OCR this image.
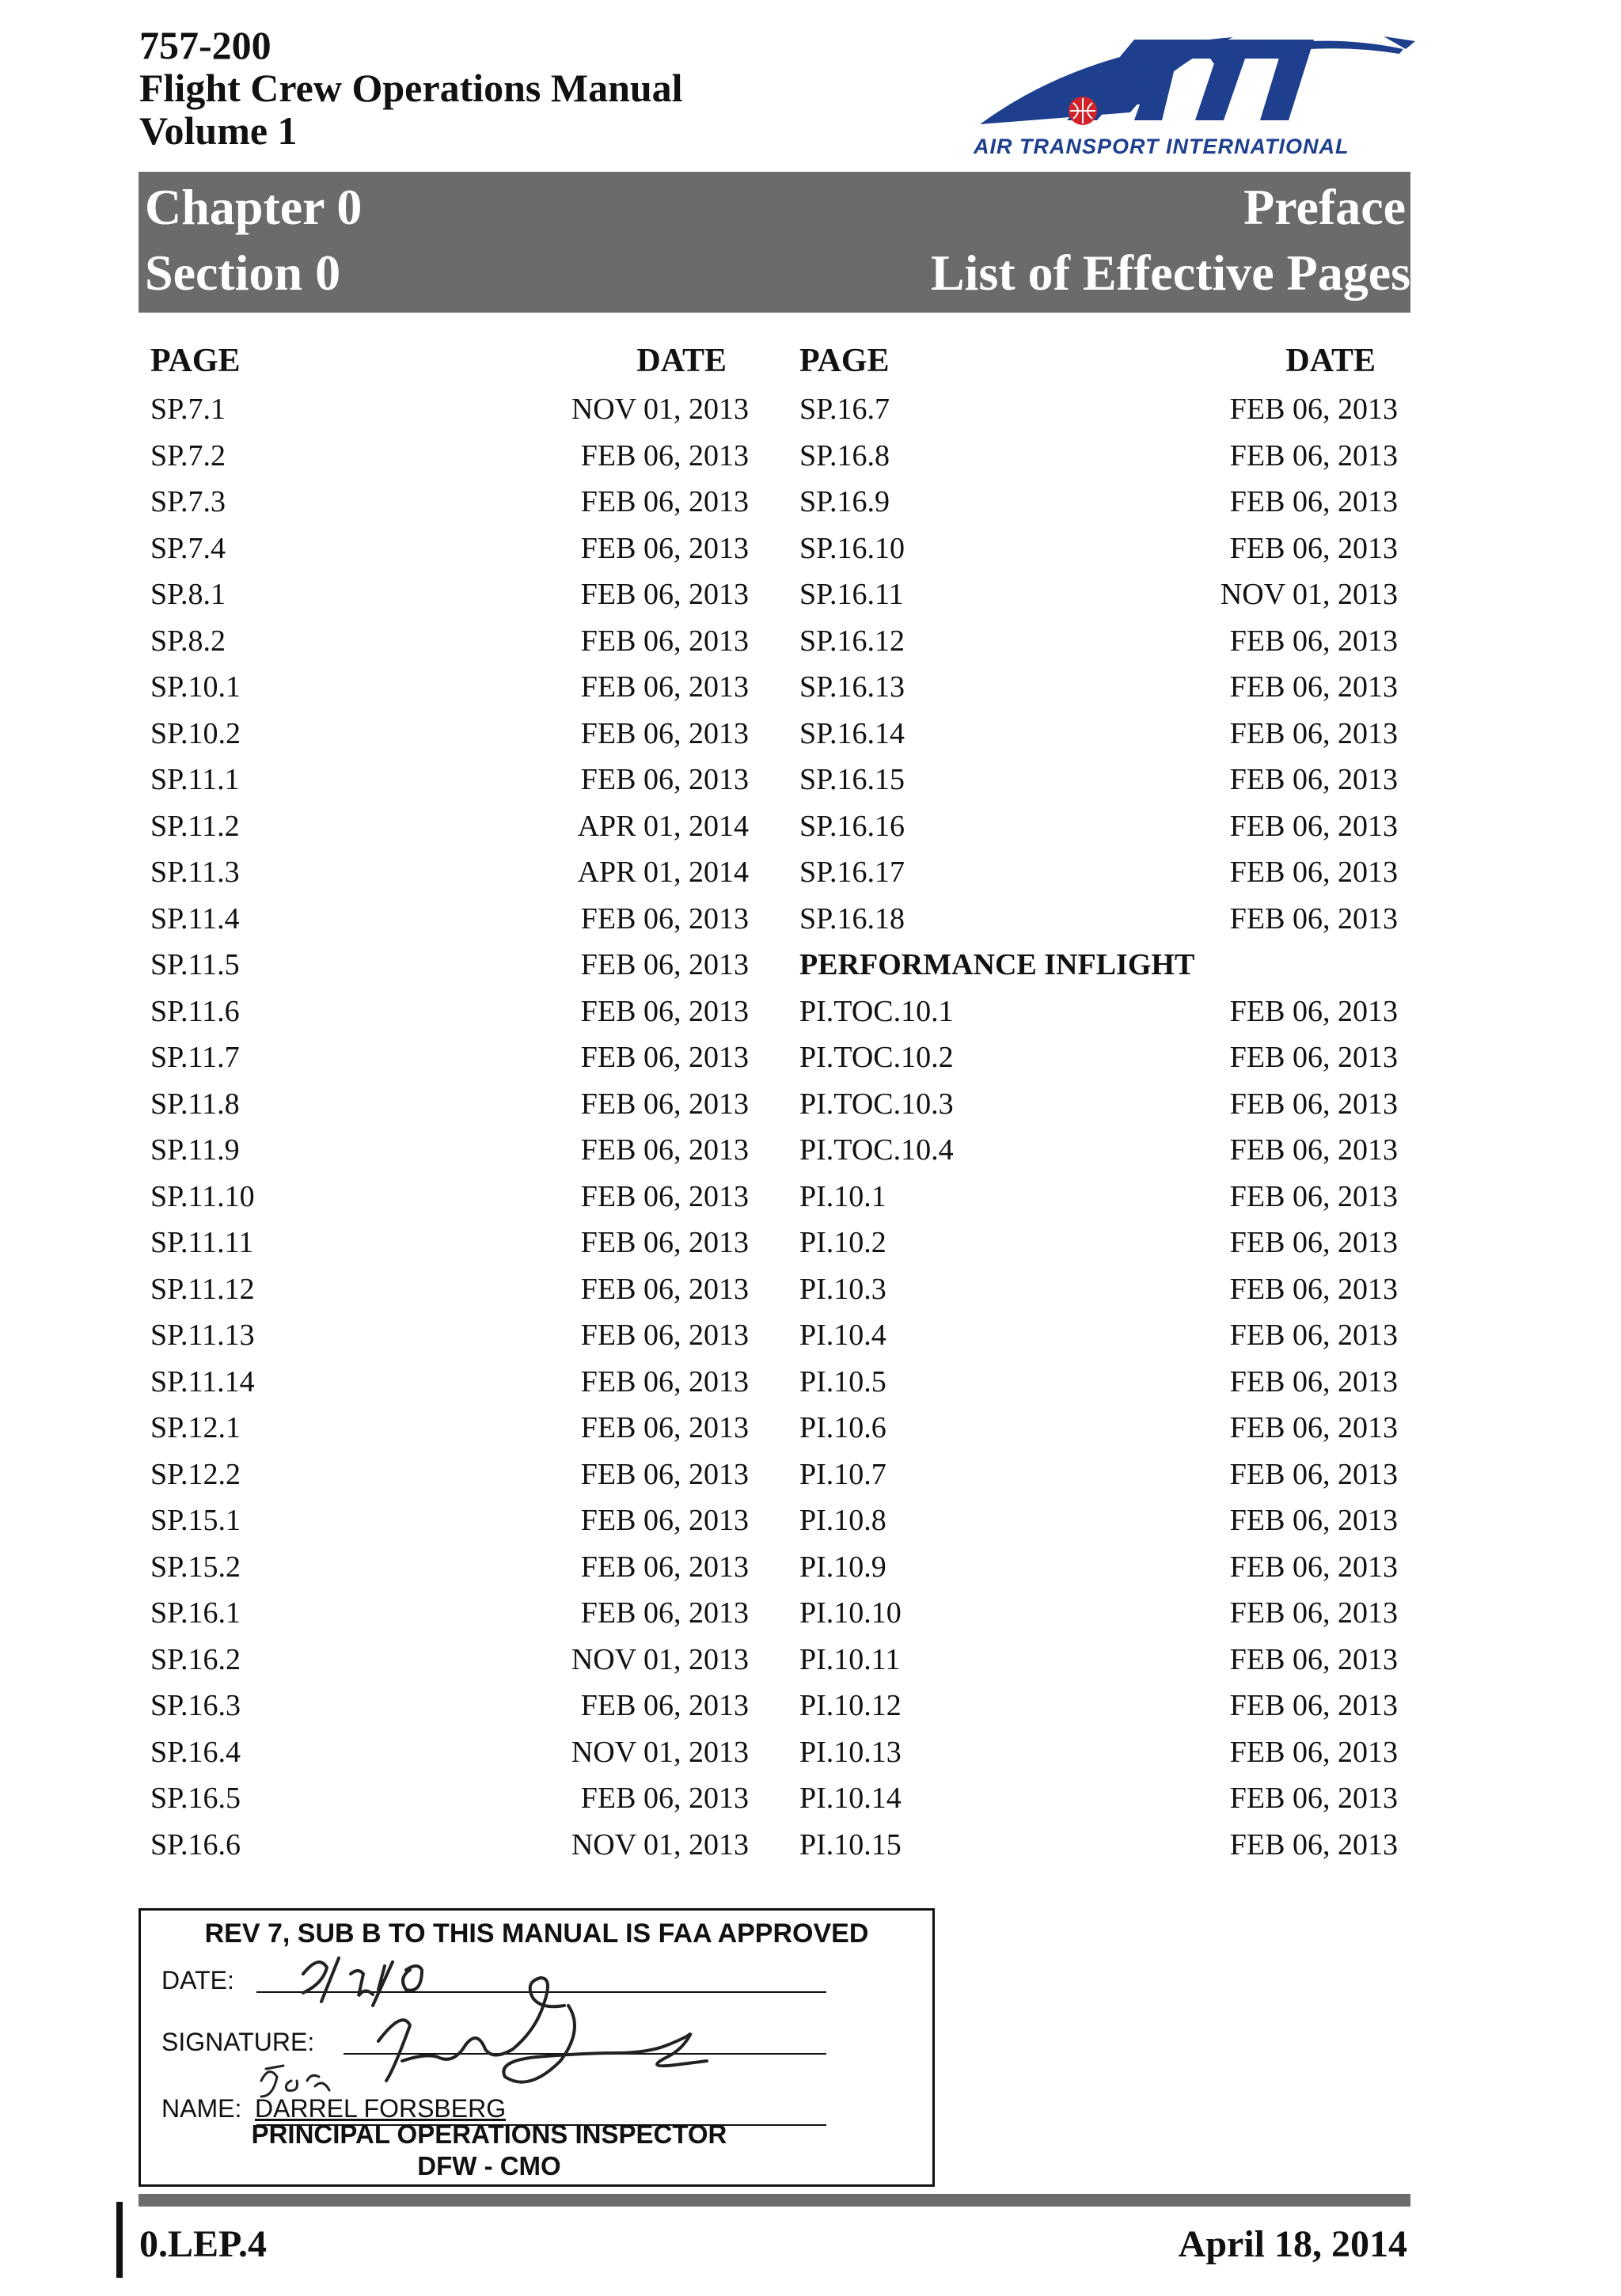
757-200
Flight Crew Operations Manual
Volume 1	AIR TRANSPORT INTERNATIONAL
Chapter 0
Section 0
Preface
List of Effective Pages
PAGE	DATE
SP.7.1	NOV 01, 2013
SP.7.2	FEB 06, 2013
SP.7.3	FEB 06, 2013
SP.7.4	FEB 06, 2013
SP.8.1	FEB 06, 2013
SP.8.2	FEB 06, 2013
SP.10.1	FEB 06, 2013
SP.10.2	FEB 06, 2013
SP.11.1	FEB 06, 2013
SP.11.2	APR 01, 2014
SP.11.3	APR 01, 2014
SP.11.4	FEB 06, 2013
SP.11.5	FEB 06, 2013
SP.11.6	FEB 06, 2013
SP.11.7	FEB 06, 2013
SP.11.8	FEB 06, 2013
SP.11.9	FEB 06, 2013
SP.11.10	FEB 06, 2013
SP.11.11	FEB 06, 2013
SP.11.12	FEB 06, 2013
SP.11.13	FEB 06, 2013
SP.11.14	FEB 06, 2013
SP.12.1	FEB 06, 2013
SP.12.2	FEB 06, 2013
SP.15.1	FEB 06, 2013
SP.15.2	FEB 06, 2013
SP.16.1	FEB 06, 2013
SP.16.2	NOV 01, 2013
SP.16.3	FEB 06, 2013
SP.16.4	NOV 01, 2013
SP.16.5	FEB 06, 2013
SP.16.6	NOV 01, 2013
PAGE	DATE
SP.16.7	FEB 06, 2013
SP.16.8	FEB 06, 2013
SP.16.9	FEB 06, 2013
SP.16.10	FEB 06, 2013
SP.16.11	NOV 01, 2013
SP.16.12	FEB 06, 2013
SP.16.13	FEB 06, 2013
SP.16.14	FEB 06, 2013
SP.16.15	FEB 06, 2013
SP.16.16	FEB 06, 2013
SP.16.17	FEB 06, 2013
SP.16.18	FEB 06, 2013
PERFORMANCE INFLIGHT
PI.TOC.10.1	FEB 06, 2013
PI.TOC.10.2	FEB 06, 2013
PI.TOC.10.3	FEB 06, 2013
PI.TOC.10.4	FEB 06, 2013
PI.10.1	FEB 06, 2013
PI.10.2	FEB 06, 2013
PI.10.3	FEB 06, 2013
PI.10.4	FEB 06, 2013
PI.10.5	FEB 06, 2013
PI.10.6	FEB 06, 2013
PI.10.7	FEB 06, 2013
PI.10.8	FEB 06, 2013
PI.10.9	FEB 06, 2013
PI.10.10	FEB 06, 2013
PI.10.11	FEB 06, 2013
PI.10.12	FEB 06, 2013
PI.10.13	FEB 06, 2013
PI.10.14	FEB 06, 2013
PI.10.15	FEB 06, 2013
REV 7, SUB B TO THIS MANUAL IS FAA APPROVED
DATE:
SIGNATURE:
NAME: DARREL FORSBERG
PRINCIPAL OPERATIONS INSPECTOR
DFW - CMO
0.LEP.4	April 18, 2014
